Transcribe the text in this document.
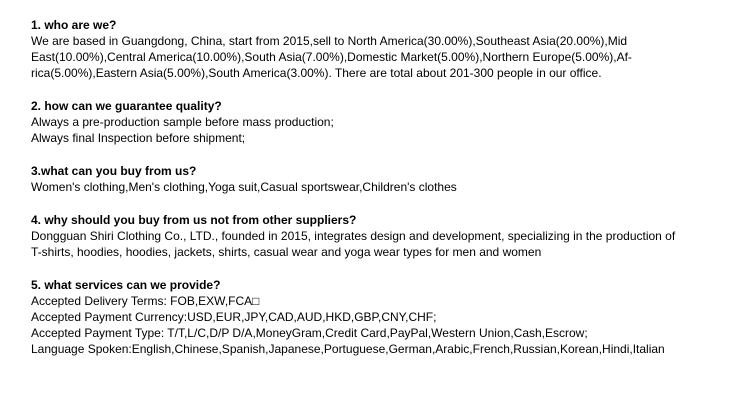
1. who are we?

We are based in Guangdong, China, start from 2015,sell to North America(30.00%),Southeast Asia(20.00%),Mid

East(10.00%),Central America(10.00%),South Asia(7.00%),Domestic Market(5.00%),Northern Europe(5.00%),Af-

rica(5.00%),Eastern Asia(5.00%),South America(3.00%). There are total about 201-300 people in our office.

2. how can we guarantee quality?

Always a pre-production sample before mass production;

Always final Inspection before shipment;

3.what can you buy from us?

Women's clothing,Men's clothing,Yoga suit,Casual sportswear,Children's clothes

4. why should you buy from us not from other suppliers?

Dongguan Shiri Clothing Co., LTD., founded in 2015, integrates design and development, specializing in the production of

T-shirts, hoodies, hoodies, jackets, shirts, casual wear and yoga wear types for men and women

5. what services can we provide?

Accepted Delivery Terms: FOB,EXW,FCA□

Accepted Payment Currency:USD,EUR,JPY,CAD,AUD,HKD,GBP,CNY,CHF;

Accepted Payment Type: T/T,L/C,D/P D/A,MoneyGram,Credit Card,PayPal,Western Union,Cash,Escrow;

Language Spoken:English,Chinese,Spanish,Japanese,Portuguese,German,Arabic,French,Russian,Korean,Hindi,Italian
